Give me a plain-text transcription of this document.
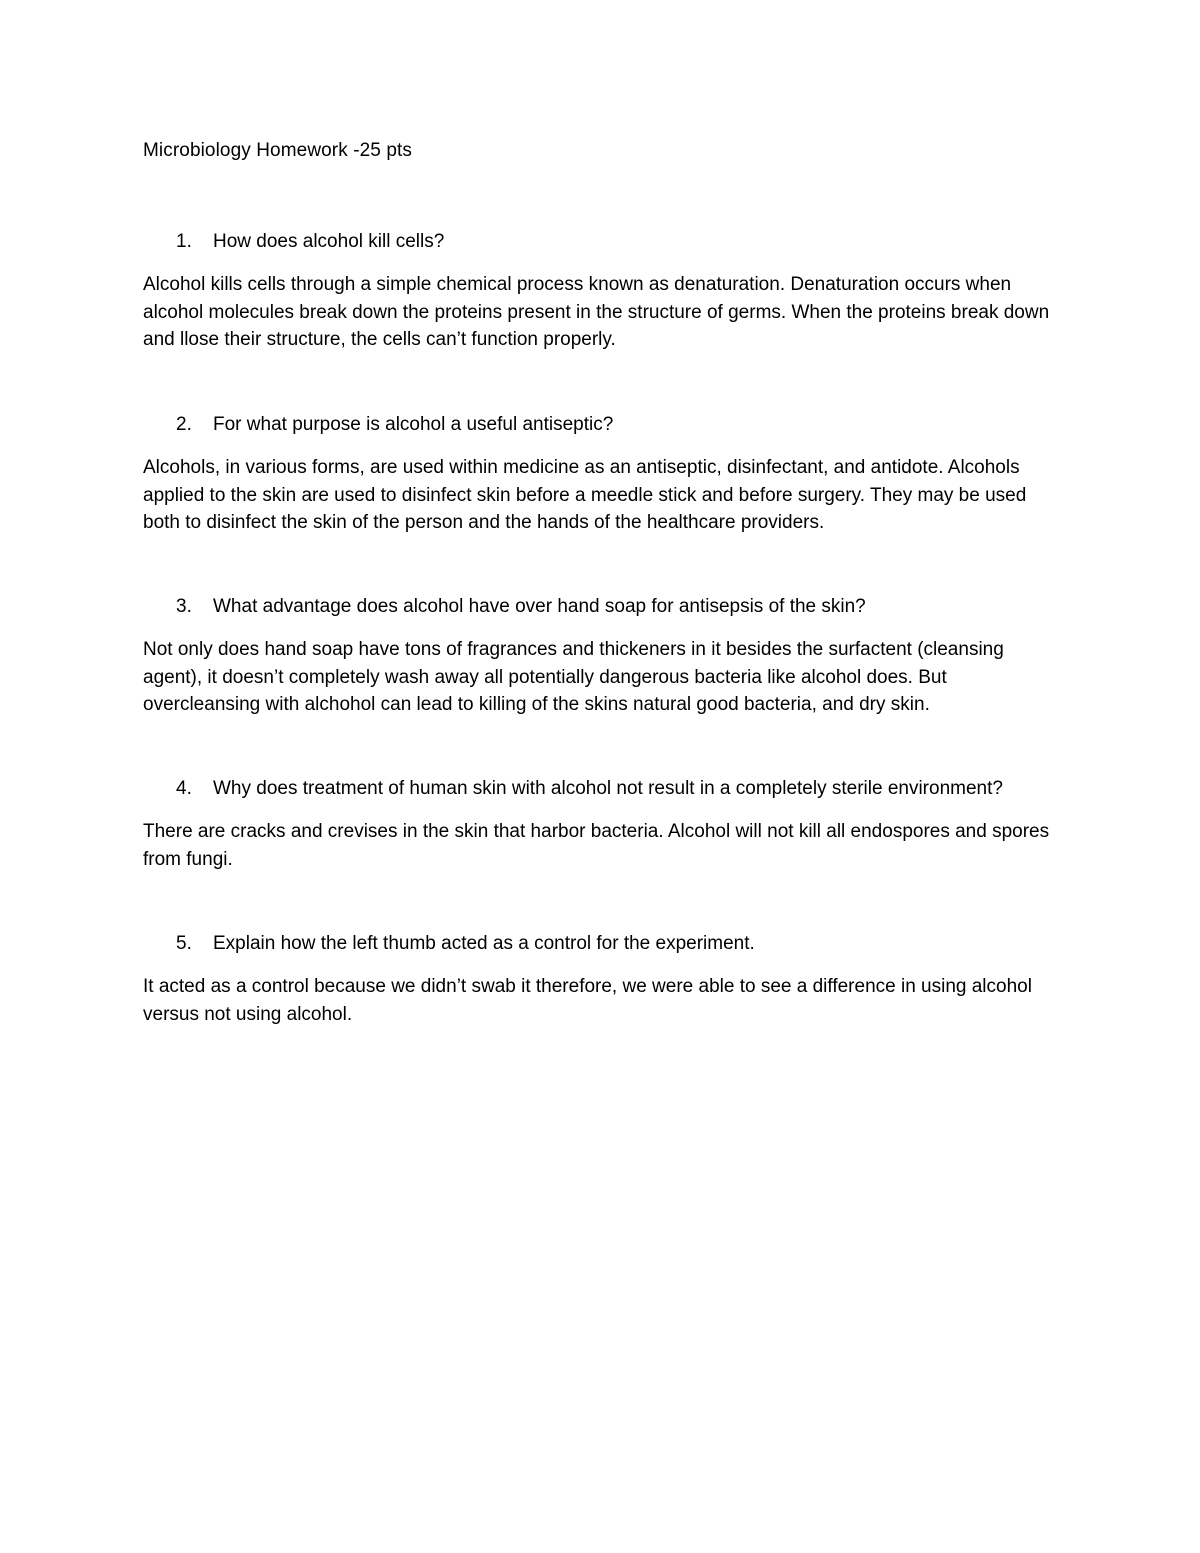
Microbiology Homework -25 pts
1. How does alcohol kill cells?
Alcohol kills cells through a simple chemical process known as denaturation. Denaturation occurs when alcohol molecules break down the proteins present in the structure of germs. When the proteins break down and llose their structure, the cells can’t function properly.
2. For what purpose is alcohol a useful antiseptic?
Alcohols, in various forms, are used within medicine as an antiseptic, disinfectant, and antidote. Alcohols applied to the skin are used to disinfect skin before a meedle stick and before surgery. They may be used both to disinfect the skin of the person and the hands of the healthcare providers.
3. What advantage does alcohol have over hand soap for antisepsis of the skin?
Not only does hand soap have tons of fragrances and thickeners in it besides the surfactent (cleansing agent), it doesn’t completely wash away all potentially dangerous bacteria like alcohol does. But overcleansing with alchohol can lead to killing of the skins natural good bacteria, and dry skin.
4. Why does treatment of human skin with alcohol not result in a completely sterile environment?
There are cracks and crevises in the skin that harbor bacteria. Alcohol will not kill all endospores and spores from fungi.
5. Explain how the left thumb acted as a control for the experiment.
It acted as a control because we didn’t swab it therefore, we were able to see a difference in using alcohol versus not using alcohol.
